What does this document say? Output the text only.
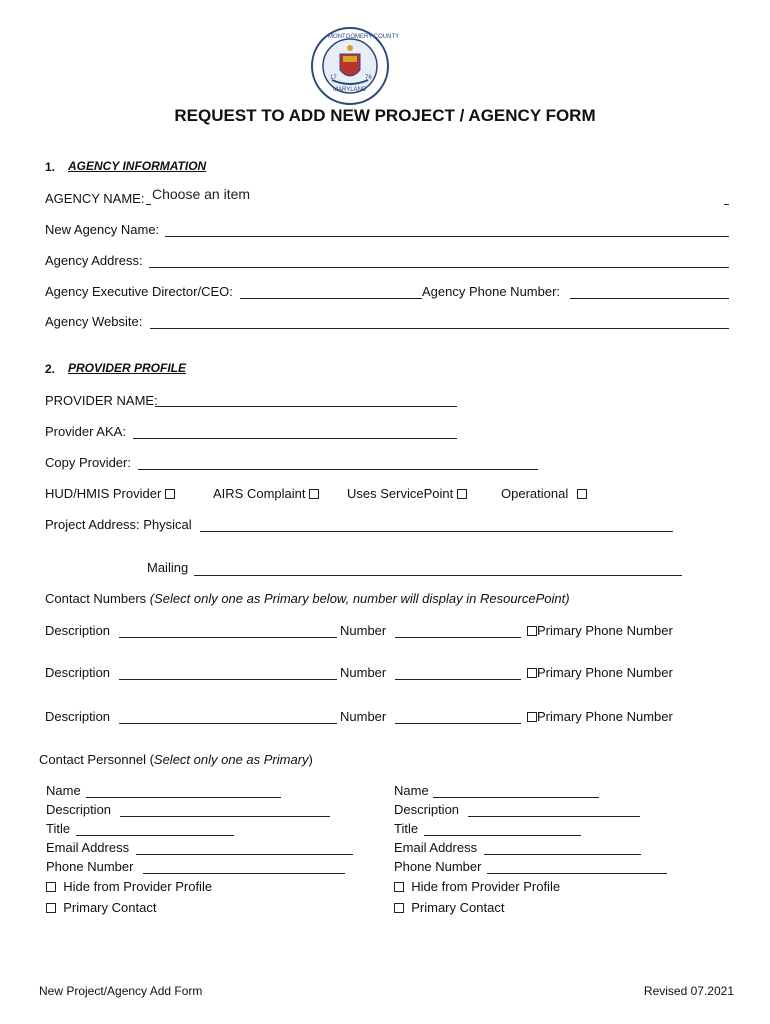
MONTGOMERY COUNTY
MARYLAND
17	76
REQUEST TO ADD NEW PROJECT / AGENCY FORM
1. AGENCY INFORMATION
AGENCY NAME: Choose an item
New Agency Name:
Agency Address:
Agency Executive Director/CEO:	Agency Phone Number:
Agency Website:
2. PROVIDER PROFILE
PROVIDER NAME:
Provider AKA:
Copy Provider:
HUD/HMIS Provider	AIRS Complaint	Uses ServicePoint	Operational
Project Address: Physical
Mailing
Contact Numbers (Select only one as Primary below, number will display in ResourcePoint)
Description	Number	Primary Phone Number
Description	Number	Primary Phone Number
Description	Number	Primary Phone Number
Contact Personnel (Select only one as Primary)
Name
Description
Title
Email Address
Phone Number
Hide from Provider Profile
Primary Contact
Name
Description
Title
Email Address
Phone Number
Hide from Provider Profile
Primary Contact
New Project/Agency Add Form	Revised 07.2021
